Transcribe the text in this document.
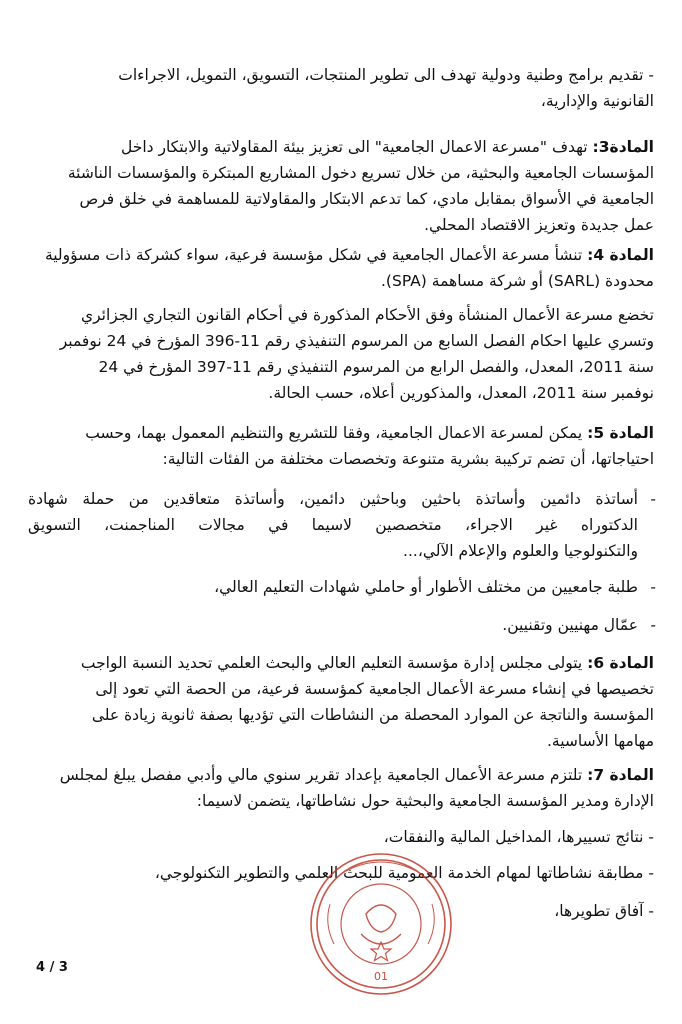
- تقديم برامج وطنية ودولية تهدف الى تطوير المنتجات، التسويق، التمويل، الاجراءات
القانونية والإدارية،
المادة3: تهدف "مسرعة الاعمال الجامعية" الى تعزيز بيئة المقاولاتية والابتكار داخل
المؤسسات الجامعية والبحثية، من خلال تسريع دخول المشاريع المبتكرة والمؤسسات الناشئة
الجامعية في الأسواق بمقابل مادي، كما تدعم الابتكار والمقاولاتية للمساهمة في خلق فرص
عمل جديدة وتعزيز الاقتصاد المحلي.
المادة 4: تنشأ مسرعة الأعمال الجامعية في شكل مؤسسة فرعية، سواء كشركة ذات مسؤولية
محدودة (SARL) أو شركة مساهمة (SPA).
تخضع مسرعة الأعمال المنشأة وفق الأحكام المذكورة في أحكام القانون التجاري الجزائري
وتسري عليها احكام الفصل السابع من المرسوم التنفيذي رقم 11-396 المؤرخ في 24 نوفمبر
سنة 2011، المعدل، والفصل الرابع من المرسوم التنفيذي رقم 11-397 المؤرخ في 24
نوفمبر سنة 2011، المعدل، والمذكورين أعلاه، حسب الحالة.
المادة 5: يمكن لمسرعة الاعمال الجامعية، وفقا للتشريع والتنظيم المعمول بهما، وحسب
احتياجاتها، أن تضم تركيبة بشرية متنوعة وتخصصات مختلفة من الفئات التالية:
-
أساتذة دائمين وأساتذة باحثين وباحثين دائمين، وأساتذة متعاقدين من حملة شهادة
الدكتوراه غير الاجراء، متخصصين لاسيما في مجالات المناجمنت، التسويق
والتكنولوجيا والعلوم والإعلام الآلي،...
-
طلبة جامعيين من مختلف الأطوار أو حاملي شهادات التعليم العالي،
-
عمّال مهنيين وتقنيين.
المادة 6: يتولى مجلس إدارة مؤسسة التعليم العالي والبحث العلمي تحديد النسبة الواجب
تخصيصها في إنشاء مسرعة الأعمال الجامعية كمؤسسة فرعية، من الحصة التي تعود إلى
المؤسسة والناتجة عن الموارد المحصلة من النشاطات التي تؤديها بصفة ثانوية زيادة على
مهامها الأساسية.
المادة 7: تلتزم مسرعة الأعمال الجامعية بإعداد تقرير سنوي مالي وأدبي مفصل يبلغ لمجلس
الإدارة ومدير المؤسسة الجامعية والبحثية حول نشاطاتها، يتضمن لاسيما:
- نتائج تسييرها، المداخيل المالية والنفقات،
- مطابقة نشاطاتها لمهام الخدمة العمومية للبحث العلمي والتطوير التكنولوجي،
- آفاق تطويرها،
01
4 / 3
